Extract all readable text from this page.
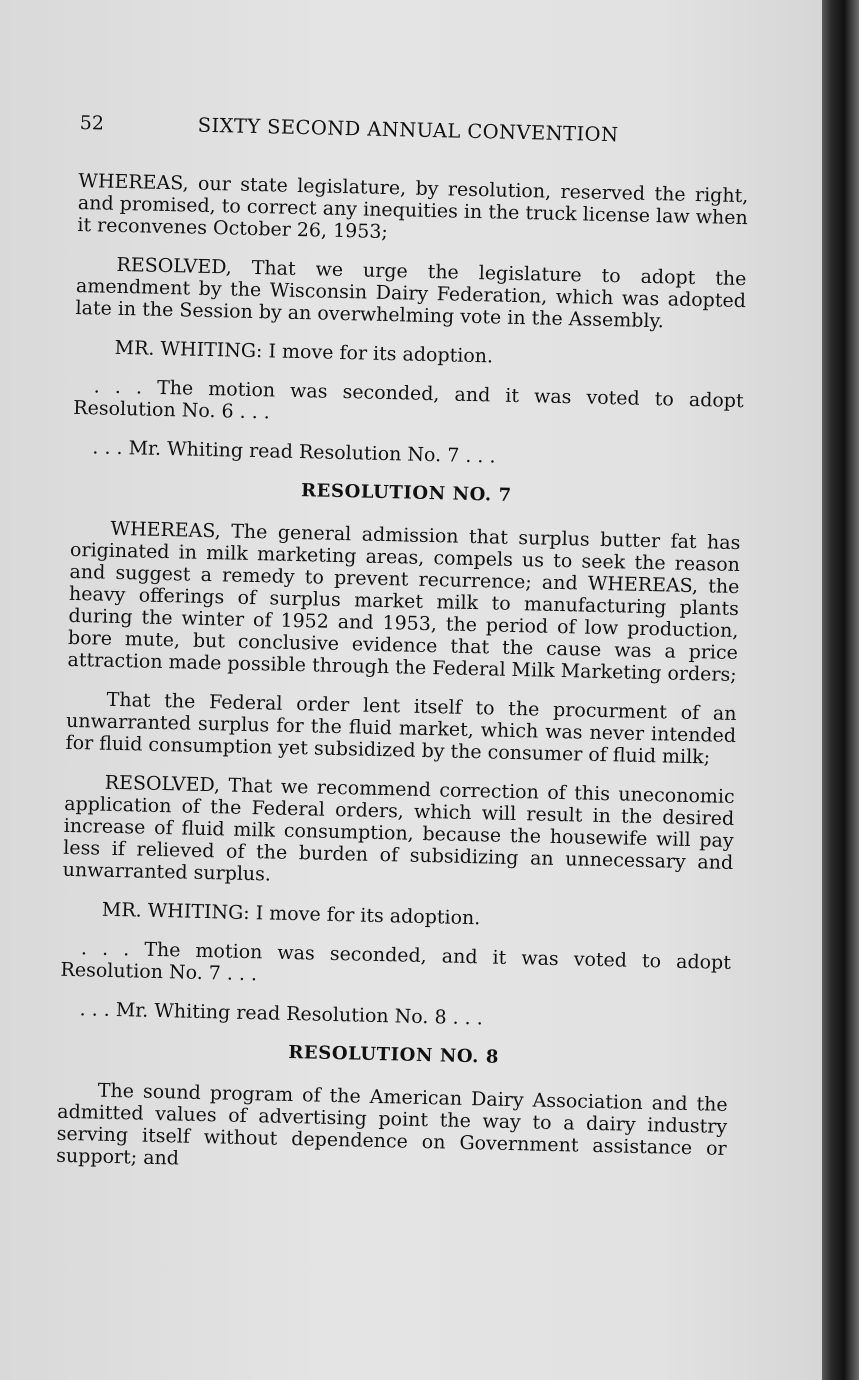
52	SIXTY SECOND ANNUAL CONVENTION

WHEREAS, our state legislature, by resolution, reserved the right, and promised, to correct any inequities in the truck license law when it reconvenes October 26, 1953;

RESOLVED, That we urge the legislature to adopt the amendment by the Wisconsin Dairy Federation, which was adopted late in the Session by an overwhelming vote in the Assembly.

MR. WHITING: I move for its adoption.

. . . The motion was seconded, and it was voted to adopt Resolution No. 6 . . .

. . . Mr. Whiting read Resolution No. 7 . . .

RESOLUTION NO. 7

WHEREAS, The general admission that surplus butter fat has originated in milk marketing areas, compels us to seek the reason and suggest a remedy to prevent recurrence; and WHEREAS, the heavy offerings of surplus market milk to manufacturing plants during the winter of 1952 and 1953, the period of low production, bore mute, but conclusive evidence that the cause was a price attraction made possible through the Federal Milk Marketing orders;

That the Federal order lent itself to the procurment of an unwarranted surplus for the fluid market, which was never intended for fluid consumption yet subsidized by the consumer of fluid milk;

RESOLVED, That we recommend correction of this uneconomic application of the Federal orders, which will result in the desired increase of fluid milk consumption, because the housewife will pay less if relieved of the burden of subsidizing an unnecessary and unwarranted surplus.

MR. WHITING: I move for its adoption.

. . . The motion was seconded, and it was voted to adopt Resolution No. 7 . . .

. . . Mr. Whiting read Resolution No. 8 . . .

RESOLUTION NO. 8

The sound program of the American Dairy Association and the admitted values of advertising point the way to a dairy industry serving itself without dependence on Government assistance or support; and
